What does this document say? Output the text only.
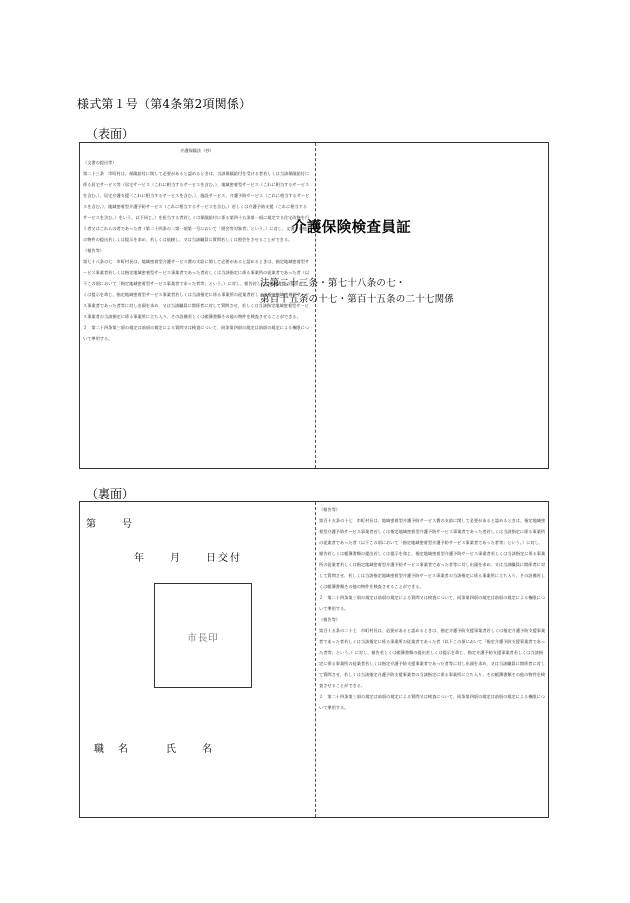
様式第１号（第4条第2項関係）
（表面）

介護保険法（抄）

（文書の提出等）

第二十三条　市町村は、保険給付に関して必要があると認めるときは、当該保険給付を受ける者若しくは当該保険給付に係る居宅サービス等（居宅サービス（これに相当するサービスを含む。）、地域密着型サービス（これに相当するサービスを含む。）、居宅介護支援（これに相当するサービスを含む。）、施設サービス、介護予防サービス（これに相当するサービスを含む。）、地域密着型介護予防サービス（これに相当するサービスを含む。）若しくは介護予防支援（これに相当するサービスを含む。）をいう。以下同じ。）を担当する者若しくは保険給付に係る第四十五条第一項に規定する住宅改修を行う者又はこれらの者であった者（第二十四条の二第一項第一号において「照会等対象者」という。）に対し、文書その他の物件の提出若しくは提示を求め、若しくは依頼し、又は当該職員に質問若しくは照会をさせることができる。

（報告等）

第七十八条の七　市町村長は、地域密着型介護サービス費の支給に関して必要があると認めるときは、指定地域密着型サービス事業者若しくは指定地域密着型サービス事業者であった者若しくは当該指定に係る事業所の従業者であった者（以下この項において「指定地域密着型サービス事業者であった者等」という。）に対し、報告若しくは帳簿書類の提出若しくは提示を命じ、指定地域密着型サービス事業者若しくは当該指定に係る事業所の従業者若しくは指定地域密着型サービス事業者であった者等に対し出頭を求め、又は当該職員に関係者に対して質問させ、若しくは当該指定地域密着型サービス事業者の当該指定に係る事業所に立ち入り、その設備若しくは帳簿書類その他の物件を検査させることができる。

２　第二十四条第三項の規定は前項の規定による質問又は検査について、同条第四項の規定は前項の規定による権限について準用する。

介護保険検査員証
法第二十三条・第七十八条の七・
第百十五条の十七・第百十五条の二十七関係
（裏面）
第　　号
年　　月　　日交付
市長印
職　名　　　氏　　名

（報告等）

第百十五条の十七　市町村長は、地域密着型介護予防サービス費の支給に関して必要があると認めるときは、指定地域密着型介護予防サービス事業者若しくは指定地域密着型介護予防サービス事業者であった者若しくは当該指定に係る事業所の従業者であった者（以下この項において「指定地域密着型介護予防サービス事業者であった者等」という。）に対し、報告若しくは帳簿書類の提出若しくは提示を命じ、指定地域密着型介護予防サービス事業者若しくは当該指定に係る事業所の従業者若しくは指定地域密着型介護予防サービス事業者であった者等に対し出頭を求め、又は当該職員に関係者に対して質問させ、若しくは当該指定地域密着型介護予防サービス事業者の当該指定に係る事業所に立ち入り、その設備若しくは帳簿書類その他の物件を検査させることができる。

２　第二十四条第三項の規定は前項の規定による質問又は検査について、同条第四項の規定は前項の規定による権限について準用する。

（報告等）

第百十五条の二十七　市町村長は、必要があると認めるときは、指定介護予防支援事業者若しくは指定介護予防支援事業者であった者若しくは当該指定に係る事業所の従業者であった者（以下この項において「指定介護予防支援事業者であった者等」という。）に対し、報告若しくは帳簿書類の提出若しくは提示を命じ、指定介護予防支援事業者若しくは当該指定に係る事業所の従業者若しくは指定介護予防支援事業者であった者等に対し出頭を求め、又は当該職員に関係者に対して質問させ、若しくは当該指定介護予防支援事業者の当該指定に係る事業所に立ち入り、その帳簿書類その他の物件を検査させることができる。

２　第二十四条第三項の規定は前項の規定による質問又は検査について、同条第四項の規定は前項の規定による権限について準用する。
